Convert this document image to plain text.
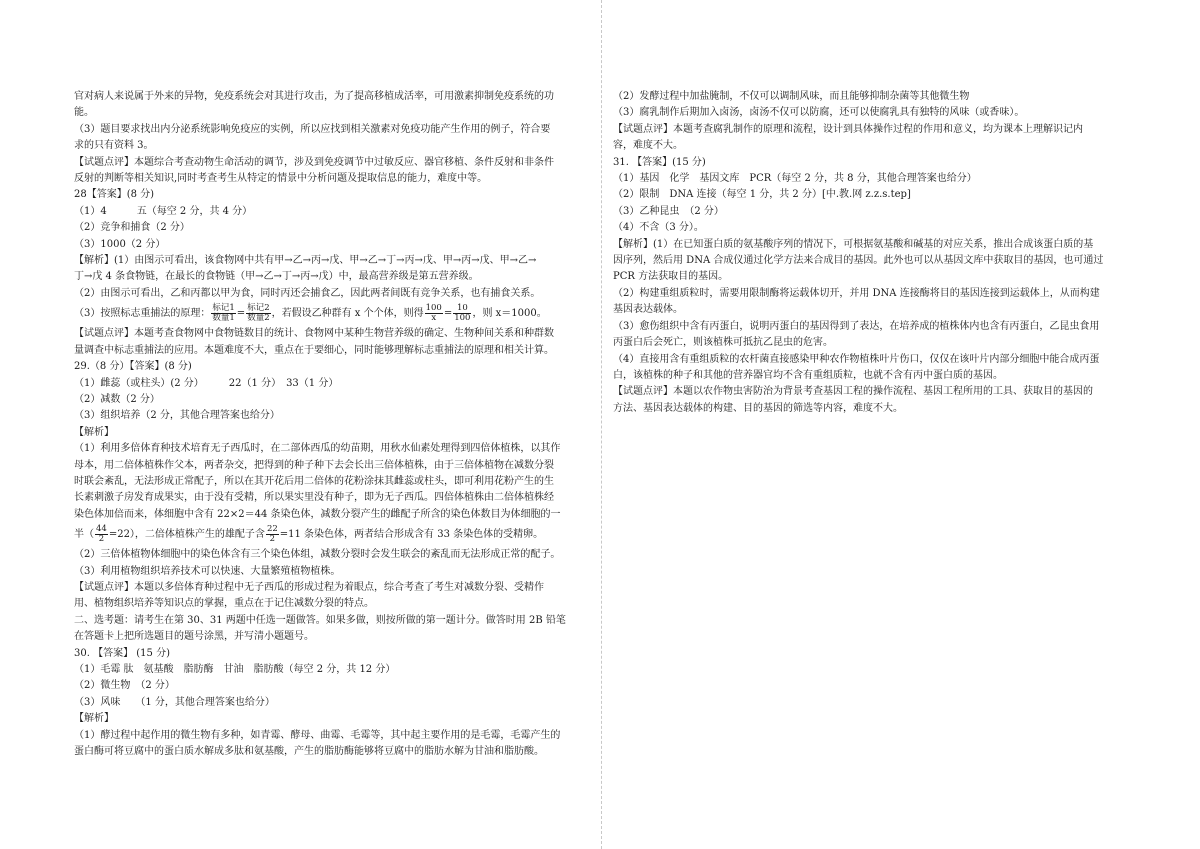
官对病人来说属于外来的异物，免疫系统会对其进行攻击，为了提高移植成活率，可用激素抑制免疫系统的功
能。
（3）题目要求找出内分泌系统影响免疫应的实例，所以应找到相关激素对免疫功能产生作用的例子，符合要
求的只有资料 3。
【试题点评】本题综合考查动物生命活动的调节，涉及到免疫调节中过敏反应、器官移植、条件反射和非条件
反射的判断等相关知识,同时考查考生从特定的情景中分析问题及提取信息的能力，难度中等。
28【答案】(8 分)
（1）4　　　五（每空 2 分，共 4 分）
（2）竞争和捕食（2 分）
（3）1000（2 分）
【解析】(1）由图示可看出，该食物网中共有甲→乙→丙→戊、甲→乙→丁→丙→戊、甲→丙→戊、甲→乙→
丁→戊 4 条食物链，在最长的食物链（甲→乙→丁→丙→戊）中，最高营养级是第五营养级。
（2）由图示可看出，乙和丙都以甲为食，同时丙还会捕食乙，因此两者间既有竞争关系，也有捕食关系。
（3）按照标志重捕法的原理： $\frac{\text{标记1}}{\text{数量1}} = \frac{\text{标记2}}{\text{数量2}}$ ，若假设乙种群有 x 个个体，则得 $\frac{100}{x} = \frac{10}{100}$ ，则 x＝1000。
【试题点评】本题考查食物网中食物链数目的统计、食物网中某种生物营养级的确定、生物种间关系和种群数
量调查中标志重捕法的应用。本题难度不大，重点在于要细心，同时能够理解标志重捕法的原理和相关计算。
29.（8 分）【答案】(8 分)
（1）雌蕊（或柱头）(2 分）　　　22（1 分）　33（1 分）
（2）减数（2 分）
（3）组织培养（2 分，其他合理答案也给分）
【解析】
（1）利用多倍体育种技术培育无子西瓜时，在二部体西瓜的幼苗期，用秋水仙素处理得到四倍体植株，以其作
母本，用二倍体植株作父本，两者杂交，把得到的种子种下去会长出三倍体植株，由于三倍体植物在减数分裂
时联会紊乱，无法形成正常配子，所以在其开花后用二倍体的花粉涂抹其雌蕊或柱头，即可利用花粉产生的生
长素刺激子房发育成果实，由于没有受精，所以果实里没有种子，即为无子西瓜。四倍体植株由二倍体植株经
染色体加倍而来，体细胞中含有 22×2＝44 条染色体，减数分裂产生的雌配子所含的染色体数目为体细胞的一
半（ $\frac{44}{2} =22$），二倍体植株产生的雄配子含 $\frac{22}{2} =11$ 条染色体，两者结合形成含有 33 条染色体的受精卵。
（2）三倍体植物体细胞中的染色体含有三个染色体组，减数分裂时会发生联会的紊乱而无法形成正常的配子。
（3）利用植物组织培养技术可以快速、大量繁殖植物植株。
【试题点评】本题以多倍体育种过程中无子西瓜的形成过程为着眼点，综合考查了考生对减数分裂、受精作
用、植物组织培养等知识点的掌握，重点在于记住减数分裂的特点。
二、选考题：请考生在第 30、31 两题中任选一题做答。如果多做，则按所做的第一题计分。做答时用 2B 铅笔
在答题卡上把所选题目的题号涂黑，并写清小题题号。
30. 【答案】 (15 分)
（1）毛霉 肽　氨基酸　脂肪酶　甘油　脂肪酸（每空 2 分，共 12 分）
（2）微生物　（2 分）
（3）风味　　（1 分，其他合理答案也给分）
【解析】
（1）酵过程中起作用的微生物有多种，如青霉、酵母、曲霉、毛霉等，其中起主要作用的是毛霉，毛霉产生的
蛋白酶可将豆腐中的蛋白质水解成多肽和氨基酸，产生的脂肪酶能够将豆腐中的脂肪水解为甘油和脂肪酸。
（2）发酵过程中加盐腌制，不仅可以调制风味，而且能够抑制杂菌等其他微生物
（3）腐乳制作后期加入卤汤，卤汤不仅可以防腐，还可以使腐乳具有独特的风味（或香味）。
【试题点评】本题考查腐乳制作的原理和流程，设计到具体操作过程的作用和意义，均为课本上理解识记内
容，难度不大。
31. 【答案】(15 分)
（1）基因　化学　基因文库　PCR（每空 2 分，共 8 分，其他合理答案也给分）
（2）限制　DNA 连接（每空 1 分，共 2 分）[中.教.网 z.z.s.tep]
（3）乙种昆虫　（2 分）
（4）不含（3 分）。
【解析】(1）在已知蛋白质的氨基酸序列的情况下，可根据氨基酸和碱基的对应关系，推出合成该蛋白质的基
因序列，然后用 DNA 合成仪通过化学方法来合成目的基因。此外也可以从基因文库中获取目的基因，也可通过
PCR 方法获取目的基因。
（2）构建重组质粒时，需要用限制酶将运载体切开，并用 DNA 连接酶将目的基因连接到运载体上，从而构建
基因表达载体。
（3）愈伤组织中含有丙蛋白，说明丙蛋白的基因得到了表达，在培养成的植株体内也含有丙蛋白，乙昆虫食用
丙蛋白后会死亡，则该植株可抵抗乙昆虫的危害。
（4）直接用含有重组质粒的农杆菌直接感染甲种农作物植株叶片伤口，仅仅在该叶片内部分细胞中能合成丙蛋
白，该植株的种子和其他的营养器官均不含有重组质粒，也就不含有丙中蛋白质的基因。
【试题点评】本题以农作物虫害防治为背景考查基因工程的操作流程、基因工程所用的工具、获取目的基因的
方法、基因表达载体的构建、目的基因的筛选等内容，难度不大。
